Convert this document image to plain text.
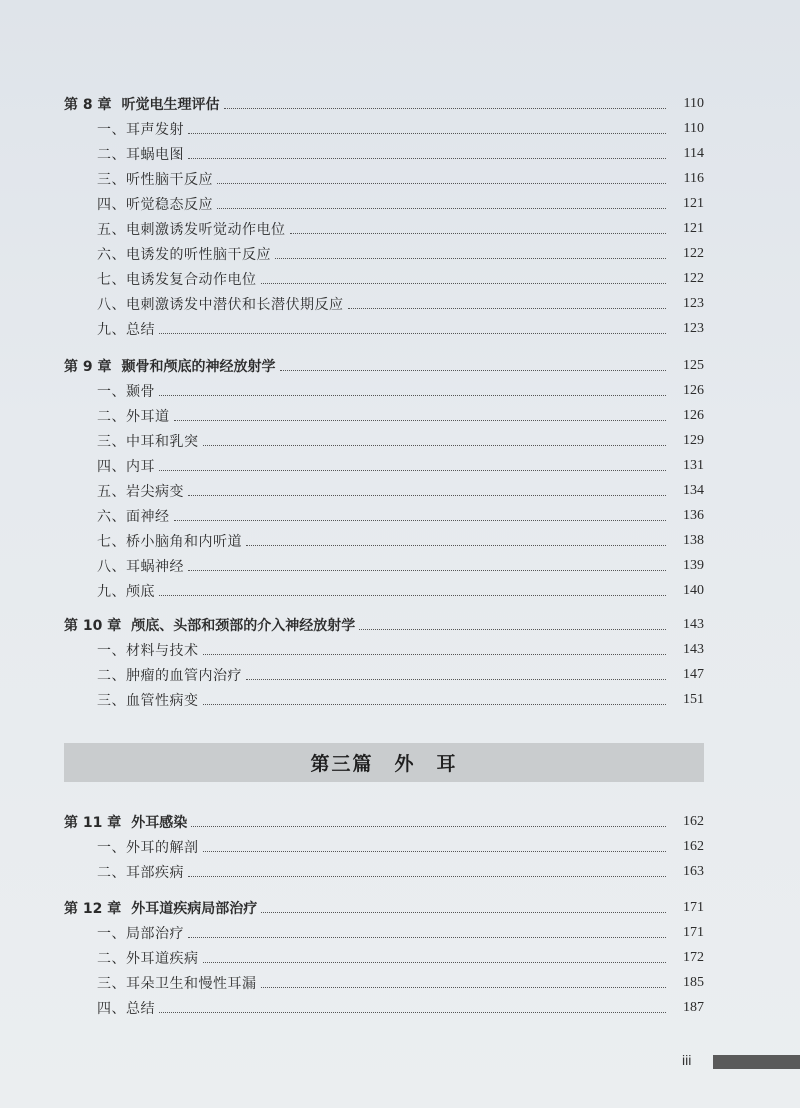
第 8 章 听觉电生理评估	110
一、耳声发射	110
二、耳蜗电图	114
三、听性脑干反应	116
四、听觉稳态反应	121
五、电刺激诱发听觉动作电位	121
六、电诱发的听性脑干反应	122
七、电诱发复合动作电位	122
八、电刺激诱发中潜伏和长潜伏期反应	123
九、总结	123
第 9 章 颞骨和颅底的神经放射学	125
一、颞骨	126
二、外耳道	126
三、中耳和乳突	129
四、内耳	131
五、岩尖病变	134
六、面神经	136
七、桥小脑角和内听道	138
八、耳蜗神经	139
九、颅底	140
第 10 章 颅底、头部和颈部的介入神经放射学	143
一、材料与技术	143
二、肿瘤的血管内治疗	147
三、血管性病变	151
第三篇　外　耳
第 11 章 外耳感染	162
一、外耳的解剖	162
二、耳部疾病	163
第 12 章 外耳道疾病局部治疗	171
一、局部治疗	171
二、外耳道疾病	172
三、耳朵卫生和慢性耳漏	185
四、总结	187
iii
